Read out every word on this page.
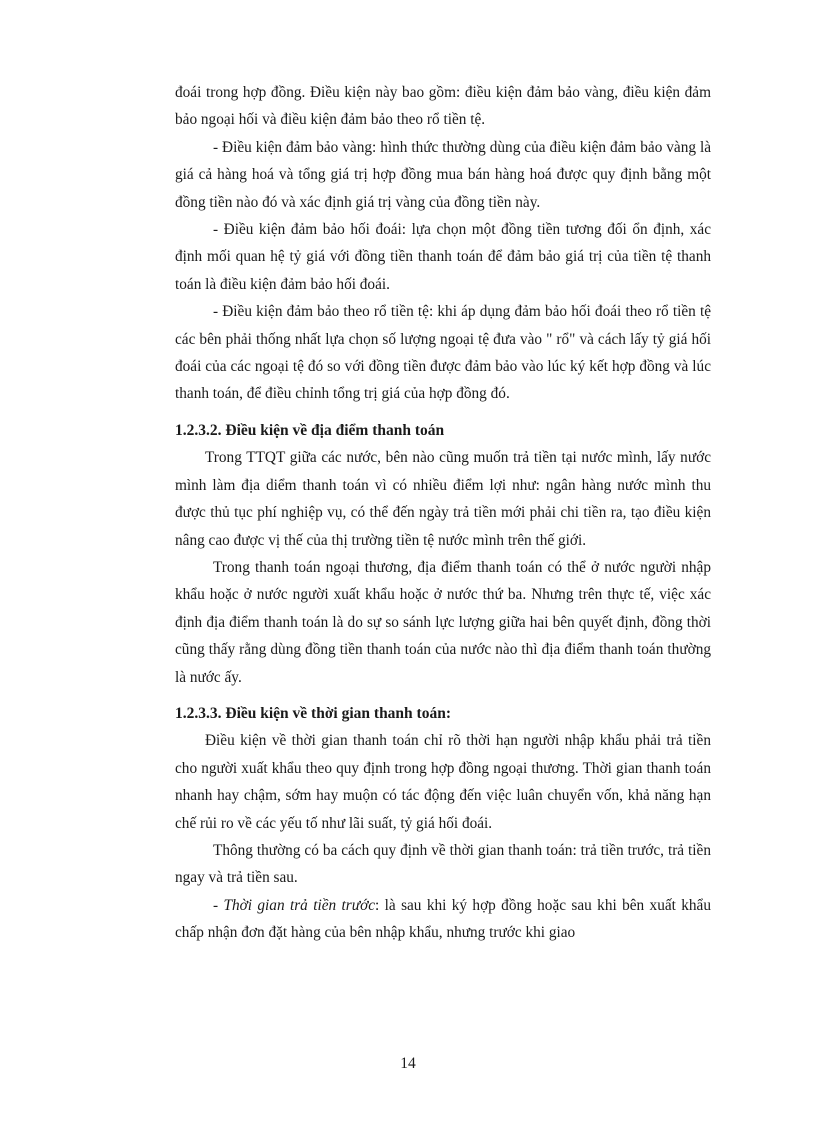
đoái trong hợp đồng. Điều kiện này bao gồm: điều kiện đảm bảo vàng, điều kiện đảm bảo ngoại hối và điều kiện đảm bảo theo rổ tiền tệ.

- Điều kiện đảm bảo vàng: hình thức thường dùng của điều kiện đảm bảo vàng là giá cả hàng hoá và tổng giá trị hợp đồng mua bán hàng hoá được quy định bằng một đồng tiền nào đó và xác định giá trị vàng của đồng tiền này.

- Điều kiện đảm bảo hối đoái: lựa chọn một đồng tiền tương đối ổn định, xác định mối quan hệ tỷ giá với đồng tiền thanh toán để đảm bảo giá trị của tiền tệ thanh toán là điều kiện đảm bảo hối đoái.

- Điều kiện đảm bảo theo rổ tiền tệ: khi áp dụng đảm bảo hối đoái theo rổ tiền tệ các bên phải thống nhất lựa chọn số lượng ngoại tệ đưa vào " rổ" và cách lấy tỷ giá hối đoái của các ngoại tệ đó so với đồng tiền được đảm bảo vào lúc ký kết hợp đồng và lúc thanh toán, để điều chỉnh tổng trị giá của hợp đồng đó.

1.2.3.2. Điều kiện về địa điểm thanh toán

Trong TTQT giữa các nước, bên nào cũng muốn trả tiền tại nước mình, lấy nước mình làm địa diểm thanh toán vì có nhiều điểm lợi như: ngân hàng nước mình thu được thủ tục phí nghiệp vụ, có thể đến ngày trả tiền mới phải chi tiền ra, tạo điều kiện nâng cao được vị thế của thị trường tiền tệ nước mình trên thế giới.

Trong thanh toán ngoại thương, địa điểm thanh toán có thể ở nước người nhập khẩu hoặc ở nước người xuất khẩu hoặc ở nước thứ ba. Nhưng trên thực tế, việc xác định địa điểm thanh toán là do sự so sánh lực lượng giữa hai bên quyết định, đồng thời cũng thấy rằng dùng đồng tiền thanh toán của nước nào thì địa điểm thanh toán thường là nước ấy.

1.2.3.3. Điều kiện về thời gian thanh toán:

Điều kiện về thời gian thanh toán chỉ rõ thời hạn người nhập khẩu phải trả tiền cho người xuất khẩu theo quy định trong hợp đồng ngoại thương. Thời gian thanh toán nhanh hay chậm, sớm hay muộn có tác động đến việc luân chuyển vốn, khả năng hạn chế rủi ro về các yếu tố như lãi suất, tỷ giá hối đoái.

Thông thường có ba cách quy định về thời gian thanh toán: trả tiền trước, trả tiền ngay và trả tiền sau.

- Thời gian trả tiền trước: là sau khi ký hợp đồng hoặc sau khi bên xuất khẩu chấp nhận đơn đặt hàng của bên nhập khẩu, nhưng trước khi giao

14
